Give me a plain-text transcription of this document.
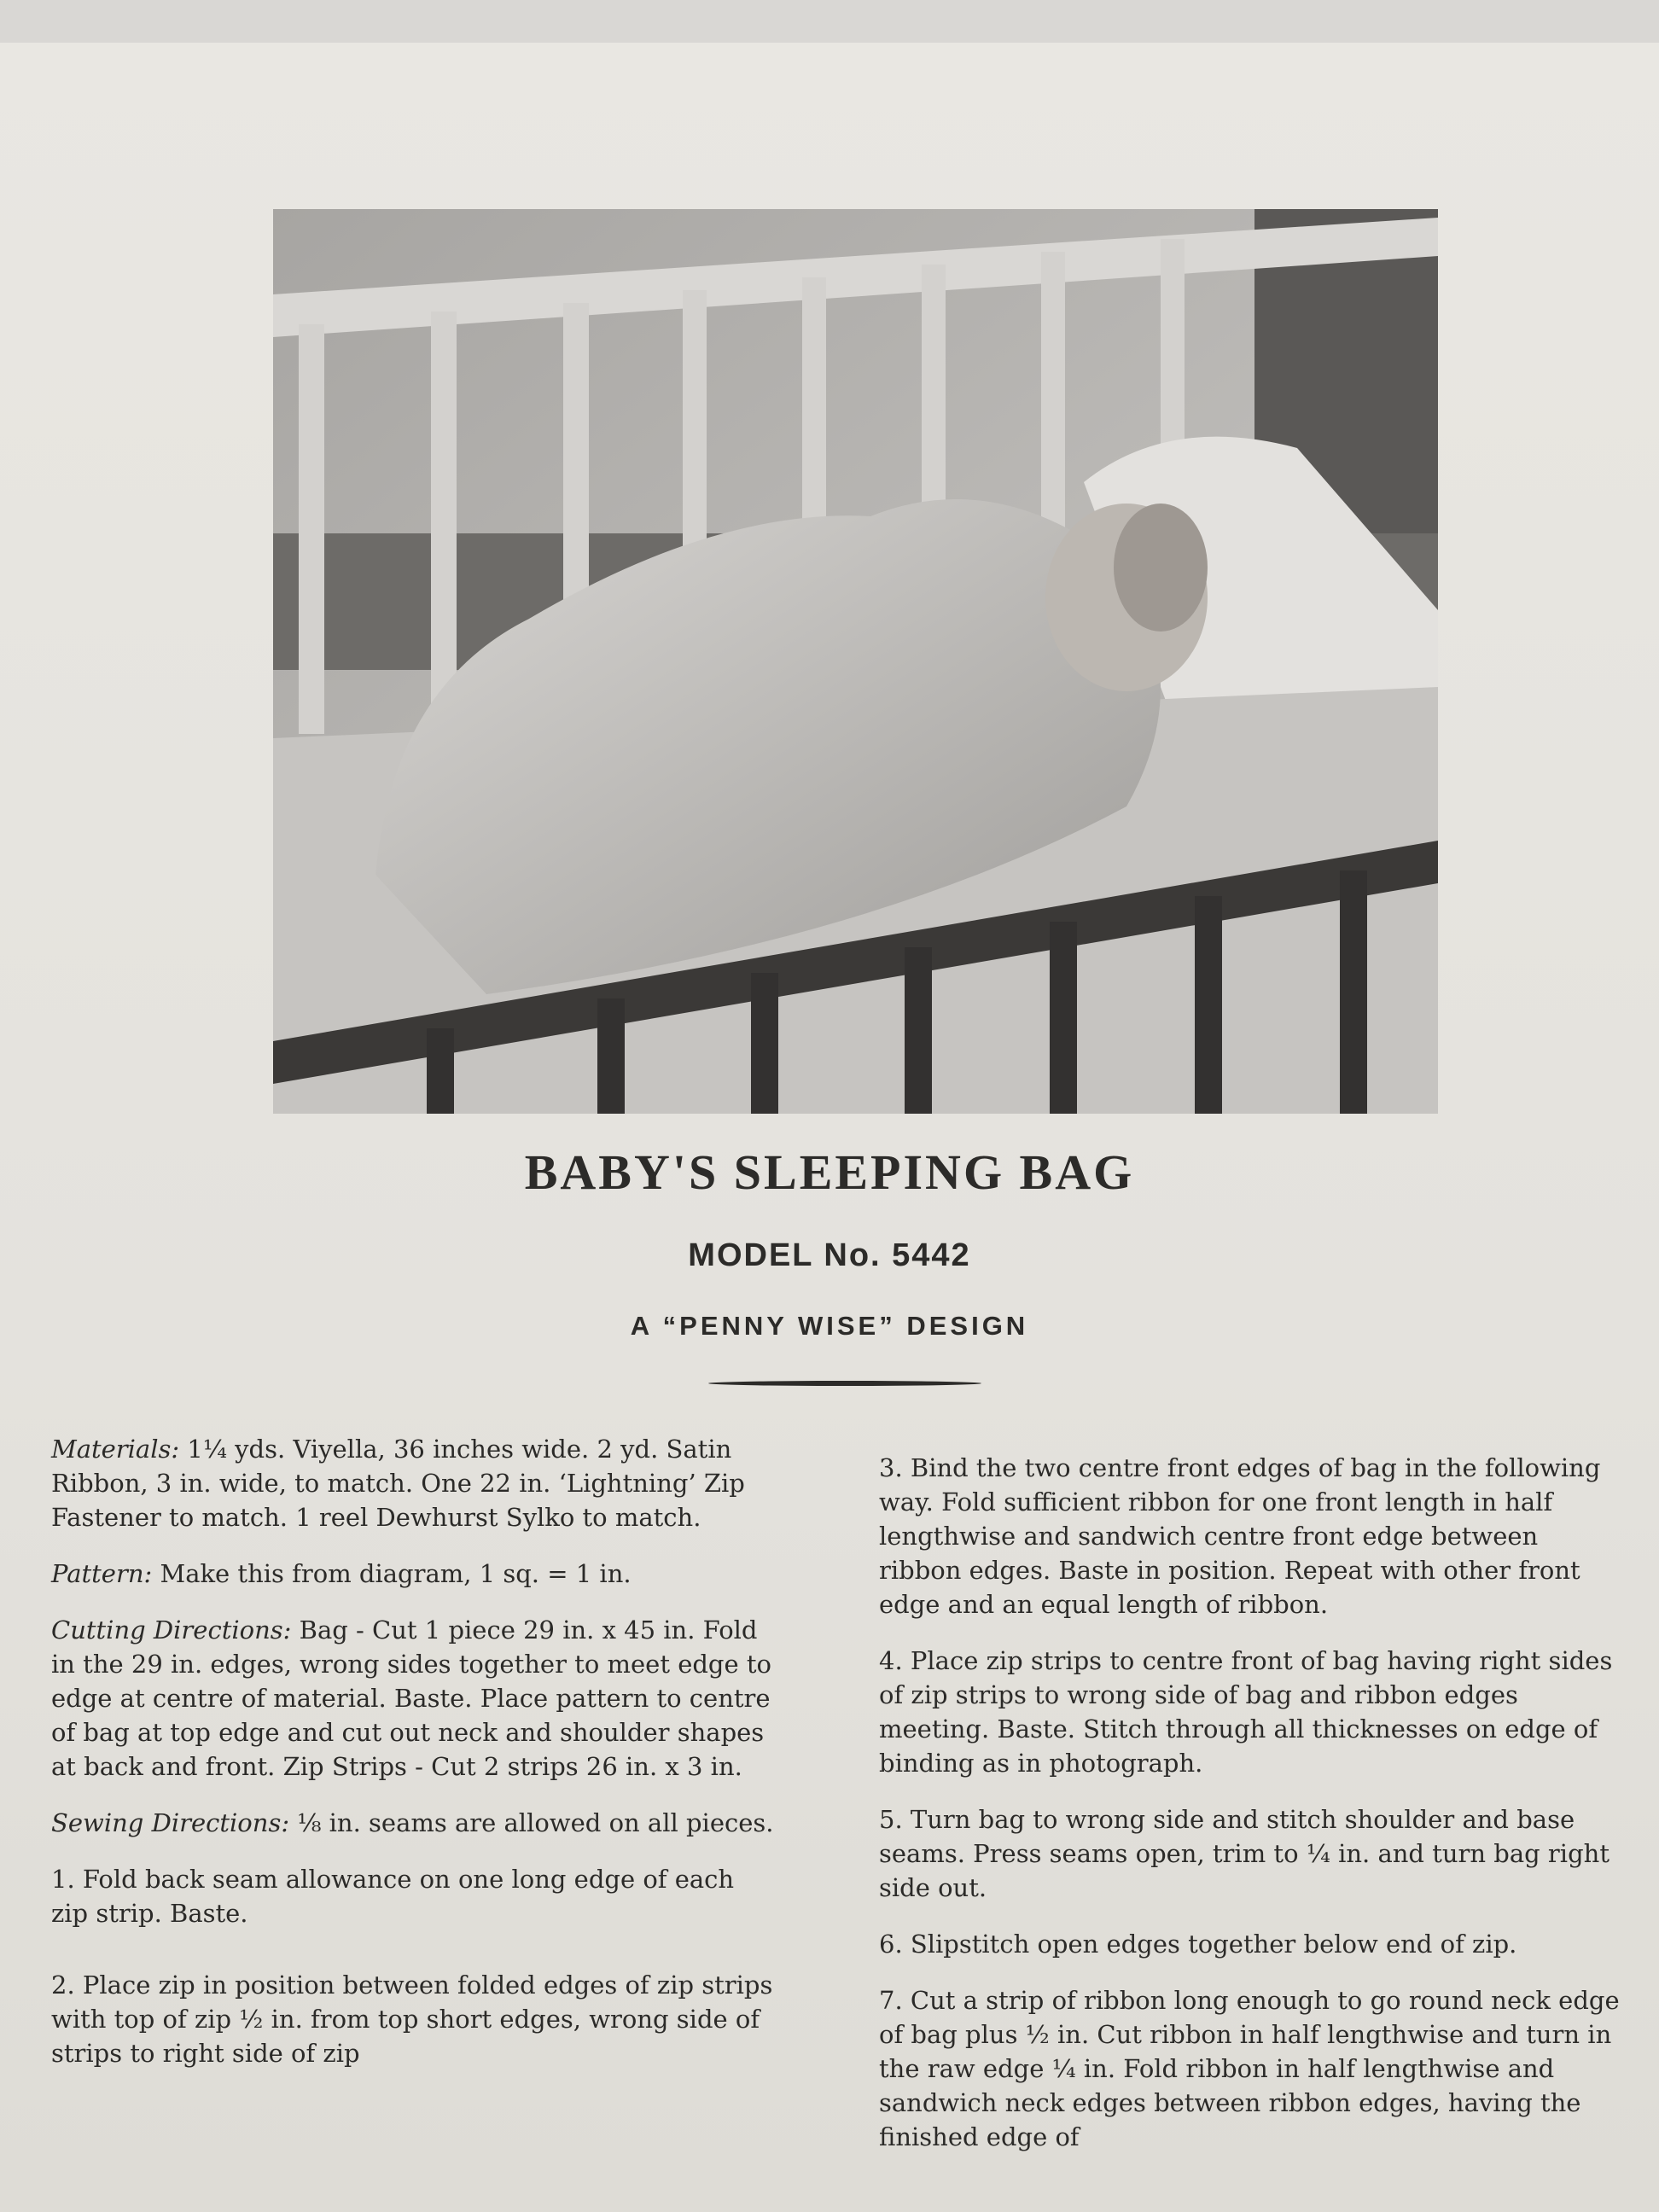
BABY'S SLEEPING BAG
MODEL No. 5442
A “PENNY WISE” DESIGN

Materials: 1¼ yds. Viyella, 36 inches wide. 2 yd. Satin Ribbon, 3 in. wide, to match. One 22 in. ‘Lightning’ Zip Fastener to match. 1 reel Dewhurst Sylko to match.

Pattern: Make this from diagram, 1 sq. = 1 in.

Cutting Directions: Bag - Cut 1 piece 29 in. x 45 in. Fold in the 29 in. edges, wrong sides together to meet edge to edge at centre of material. Baste. Place pattern to centre of bag at top edge and cut out neck and shoulder shapes at back and front. Zip Strips - Cut 2 strips 26 in. x 3 in.

Sewing Directions: ⅛ in. seams are allowed on all pieces.

1. Fold back seam allowance on one long edge of each zip strip. Baste.

2. Place zip in position between folded edges of zip strips with top of zip ½ in. from top short edges, wrong side of strips to right side of zip

3. Bind the two centre front edges of bag in the following way. Fold sufficient ribbon for one front length in half lengthwise and sandwich centre front edge between ribbon edges. Baste in position. Repeat with other front edge and an equal length of ribbon.

4. Place zip strips to centre front of bag having right sides of zip strips to wrong side of bag and ribbon edges meeting. Baste. Stitch through all thicknesses on edge of binding as in photograph.

5. Turn bag to wrong side and stitch shoulder and base seams. Press seams open, trim to ¼ in. and turn bag right side out.

6. Slipstitch open edges together below end of zip.

7. Cut a strip of ribbon long enough to go round neck edge of bag plus ½ in. Cut ribbon in half lengthwise and turn in the raw edge ¼ in. Fold ribbon in half lengthwise and sandwich neck edges between ribbon edges, having the finished edge of
